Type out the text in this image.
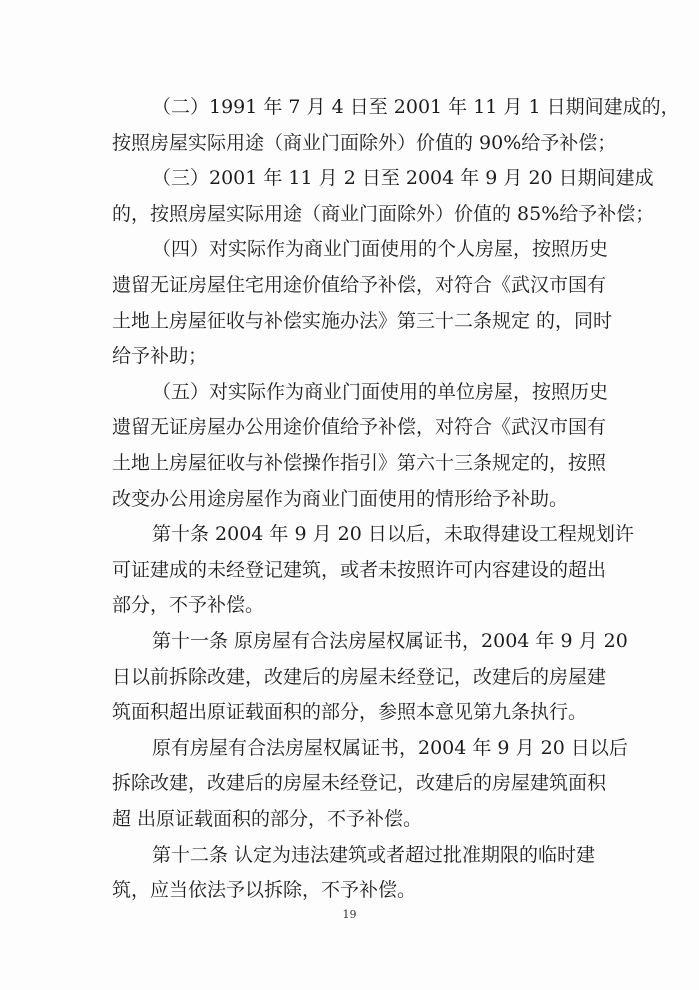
（二）1991 年 7 月 4 日至 2001 年 11 月 1 日期间建成的，
按照房屋实际用途（商业门面除外）价值的 90%给予补偿；
（三）2001 年 11 月 2 日至 2004 年 9 月 20 日期间建成
的，按照房屋实际用途（商业门面除外）价值的 85%给予补偿；
（四）对实际作为商业门面使用的个人房屋，按照历史
遗留无证房屋住宅用途价值给予补偿，对符合《武汉市国有
土地上房屋征收与补偿实施办法》第三十二条规定 的，同时
给予补助；
（五）对实际作为商业门面使用的单位房屋，按照历史
遗留无证房屋办公用途价值给予补偿，对符合《武汉市国有
土地上房屋征收与补偿操作指引》第六十三条规定的，按照
改变办公用途房屋作为商业门面使用的情形给予补助。
第十条 2004 年 9 月 20 日以后，未取得建设工程规划许
可证建成的未经登记建筑，或者未按照许可内容建设的超出
部分，不予补偿。
第十一条 原房屋有合法房屋权属证书，2004 年 9 月 20
日以前拆除改建，改建后的房屋未经登记，改建后的房屋建
筑面积超出原证载面积的部分，参照本意见第九条执行。
原有房屋有合法房屋权属证书，2004 年 9 月 20 日以后
拆除改建，改建后的房屋未经登记，改建后的房屋建筑面积
超 出原证载面积的部分，不予补偿。
第十二条 认定为违法建筑或者超过批准期限的临时建
筑，应当依法予以拆除，不予补偿。
19
